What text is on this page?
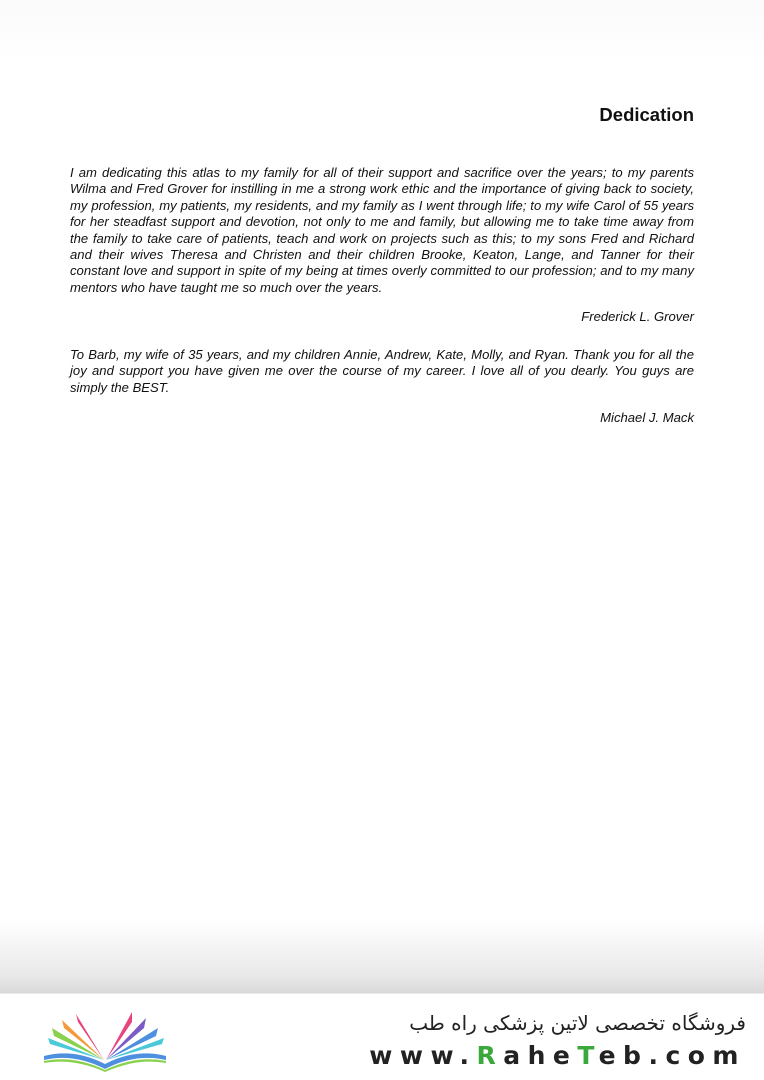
Dedication

I am dedicating this atlas to my family for all of their support and sacrifice over the years; to my parents Wilma and Fred Grover for instilling in me a strong work ethic and the importance of giving back to society, my profession, my patients, my residents, and my family as I went through life; to my wife Carol of 55 years for her steadfast support and devotion, not only to me and family, but allowing me to take time away from the family to take care of patients, teach and work on projects such as this; to my sons Fred and Richard and their wives Theresa and Christen and their children Brooke, Keaton, Lange, and Tanner for their constant love and support in spite of my being at times overly committed to our profession; and to my many mentors who have taught me so much over the years.

Frederick L. Grover

To Barb, my wife of 35 years, and my children Annie, Andrew, Kate, Molly, and Ryan. Thank you for all the joy and support you have given me over the course of my career. I love all of you dearly. You guys are simply the BEST.

Michael J. Mack

فروشگاه تخصصی لاتین پزشکی راه طب
www.RaheTeb.com
